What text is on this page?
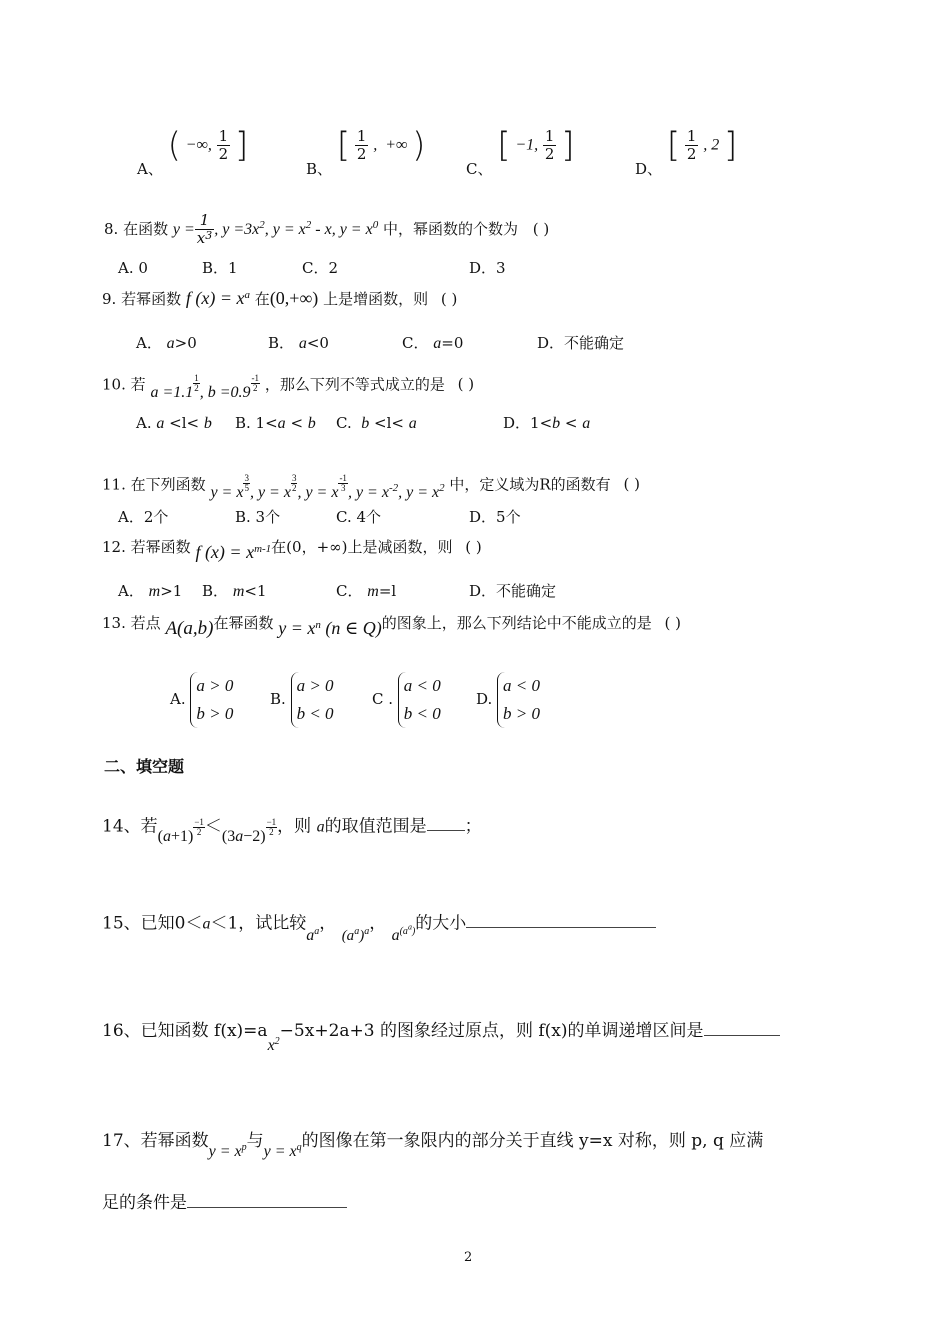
A、 ( −∞, $\frac{1}{2}$ ]
B、 [ $\frac{1}{2}$ ,  +∞ )
C、 [ −1, $\frac{1}{2}$ ]
D、 [ $\frac{1}{2}$ , 2 ]
8. 在函数 $y = \frac{1}{x^3}$ , $y =3x^2$, $y = x^2 - x$, $y = x^0$ 中，幂函数的个数为 ( )
A. 0	B．1	C．2	D．3
9. 若幂函数 f $(x) = x^a$ 在(0,+∞) 上是增函数，则 ( )
A． a>0	B． a<0	C． a=0	D．不能确定
10. 若 $a =1.1 \frac{1}{2}$ , $b =0.9 \frac{-1}{2}$ ，那么下列不等式成立的是 ( )
A. a <l< b B. 1<a < b C. b <l< a	D．1<b < a
11. 在下列函数 y = x $\frac{3}{5}$ , y = x $\frac{3}{2}$ , y = x $\frac{-1}{3}$ , $y = x^{-2}$, $y = x^2$ 中，定义域为R的函数有 ( )
A．2个	B. 3个	C. 4个	D．5个
12. 若幂函数 f $(x) = x^{m-1}$在(0，+∞)上是减函数，则 ( )
A． m>1 B． m<1	C． m=l	D．不能确定
13. 若点 A(a,b)在幂函数 $y = x^n$ (n ∈ Q)的图象上，那么下列结论中不能成立的是 ( )
A.
a > 0
b > 0
B.
a > 0
b < 0
C .
a < 0
b < 0
D.
a < 0
b > 0
二、填空题
14、若$(a+1) \frac{-1}{2} <(3a-2) \frac{-1}{2}$ ，则 a的取值范围是 ；
15、已知0＜a＜1，试比较$a^a$， $(a^a)^a$， $a^{(a^a)}$的大小
16、已知函数 $f(x)=ax^2-5x+2a+3$ 的图象经过原点，则 f(x)的单调递增区间是
17、若幂函数$y = x^p$与$y = x^q$的图像在第一象限内的部分关于直线 y=x 对称，则 p, q 应满
足的条件是
2
